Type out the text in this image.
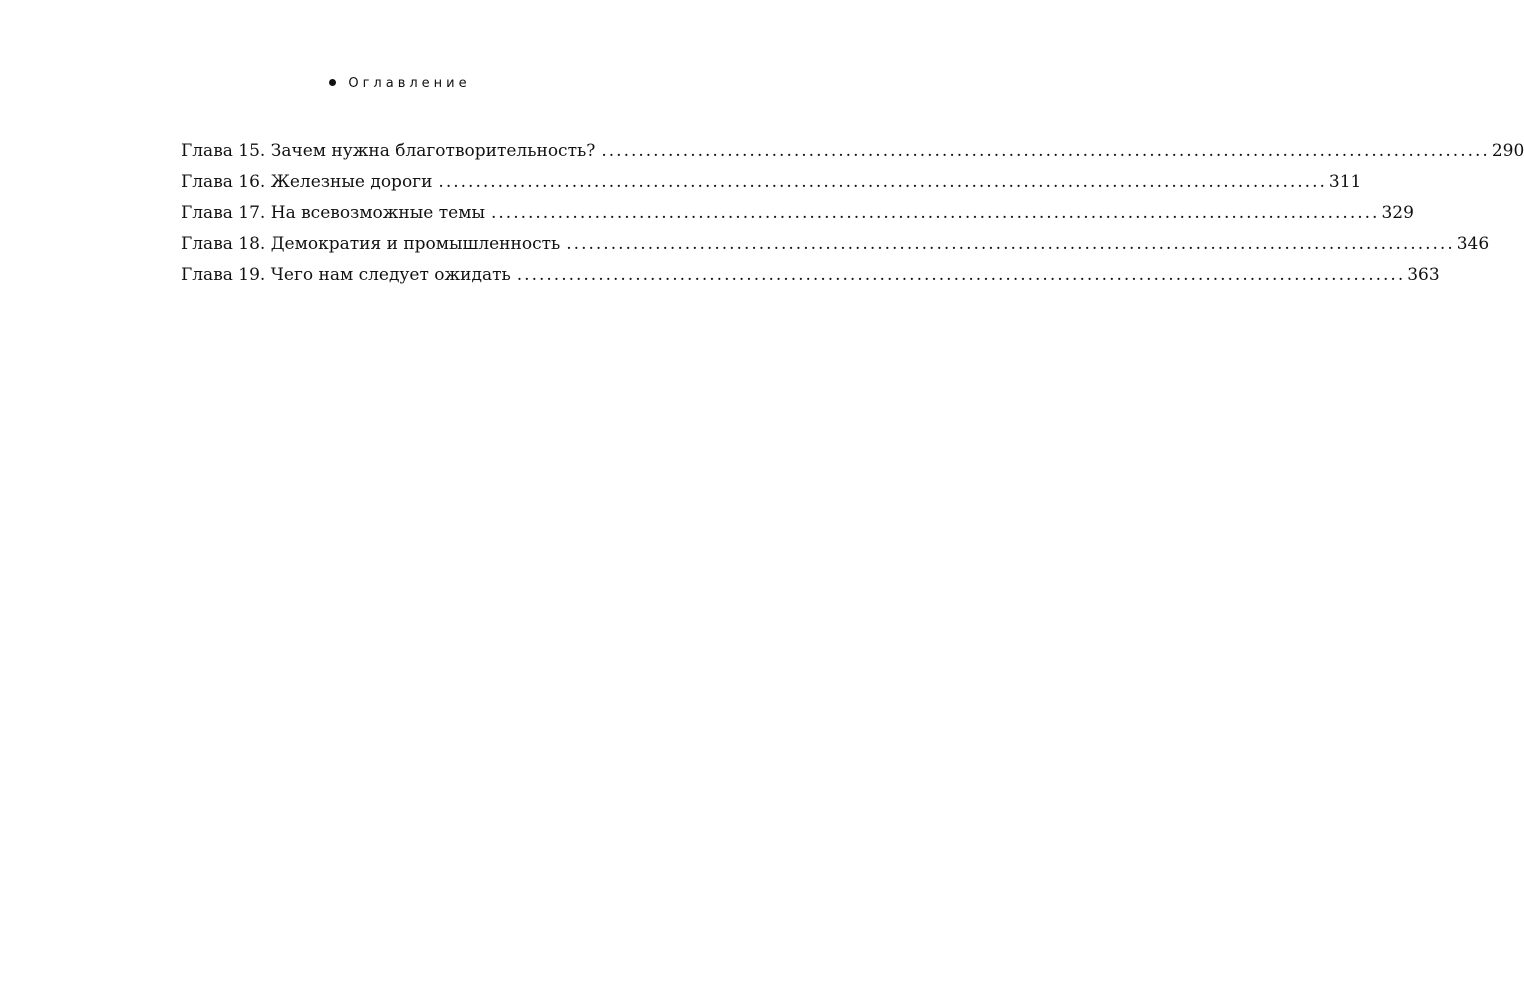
Оглавление
Глава 15. Зачем нужна благотворительность? ........................................................................................................................ 290
Глава 16. Железные дороги ........................................................................................................................ 311
Глава 17. На всевозможные темы ........................................................................................................................ 329
Глава 18. Демократия и промышленность ........................................................................................................................ 346
Глава 19. Чего нам следует ожидать ........................................................................................................................ 363
